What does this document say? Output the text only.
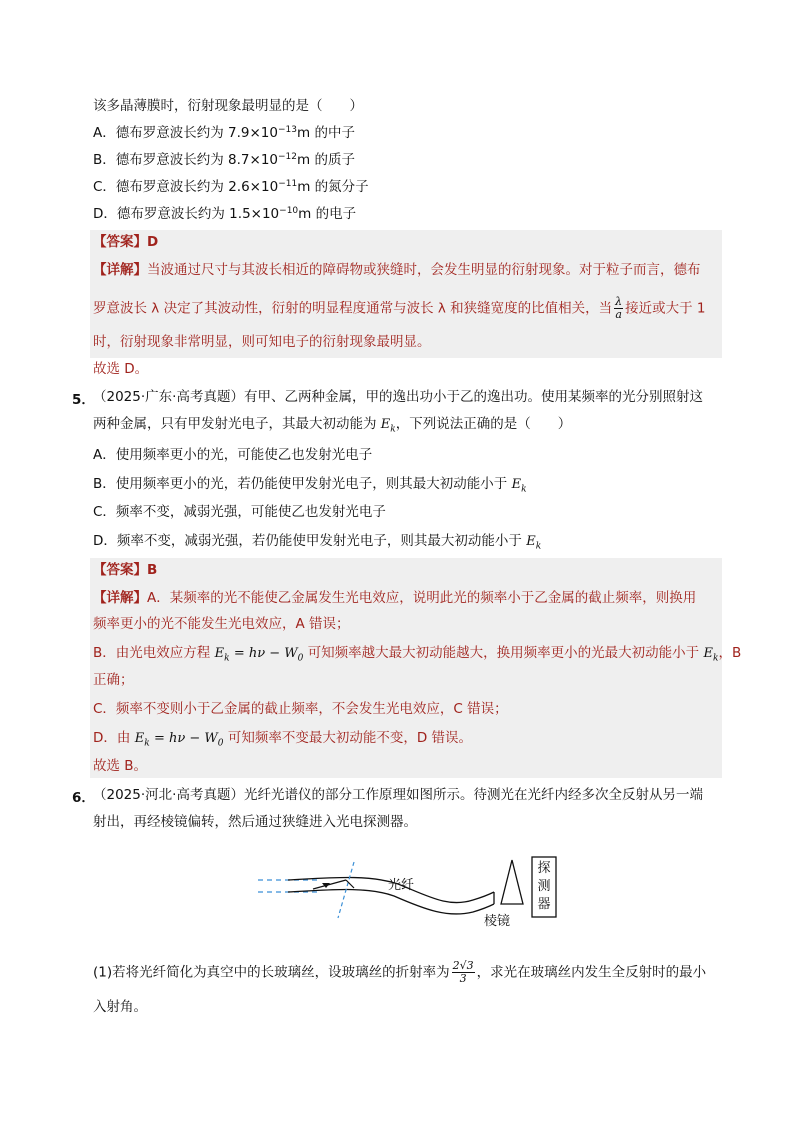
该多晶薄膜时，衍射现象最明显的是（　　）
A．德布罗意波长约为 $7.9\times 10^{-13}m$ 的中子
B．德布罗意波长约为 $8.7\times 10^{-12}m$ 的质子
C．德布罗意波长约为 $2.6\times 10^{-11}m$ 的氮分子
D．德布罗意波长约为 $1.5\times 10^{-10}m$ 的电子
【答案】D
【详解】当波通过尺寸与其波长相近的障碍物或狭缝时，会发生明显的衍射现象。对于粒子而言，德布
罗意波长 λ 决定了其波动性，衍射的明显程度通常与波长 λ 和狭缝宽度的比值相关，当 $\frac{\lambda}{a}$ 接近或大于 1
时，衍射现象非常明显，则可知电子的衍射现象最明显。
故选 D。
5．
（2025·广东·高考真题）有甲、乙两种金属，甲的逸出功小于乙的逸出功。使用某频率的光分别照射这
两种金属，只有甲发射光电子，其最大初动能为 $E_k$，下列说法正确的是（　　）
A．使用频率更小的光，可能使乙也发射光电子
B．使用频率更小的光，若仍能使甲发射光电子，则其最大初动能小于 $E_k$
C．频率不变，减弱光强，可能使乙也发射光电子
D．频率不变，减弱光强，若仍能使甲发射光电子，则其最大初动能小于 $E_k$
【答案】B
【详解】A．某频率的光不能使乙金属发生光电效应，说明此光的频率小于乙金属的截止频率，则换用
频率更小的光不能发生光电效应，A 错误；
B．由光电效应方程 $E_k = h\nu - W_0$ 可知频率越大最大初动能越大，换用频率更小的光最大初动能小于 $E_k$，B
正确；
C．频率不变则小于乙金属的截止频率，不会发生光电效应，C 错误；
D．由 $E_k = h\nu - W_0$ 可知频率不变最大初动能不变，D 错误。
故选 B。
6．
（2025·河北·高考真题）光纤光谱仪的部分工作原理如图所示。待测光在光纤内经多次全反射从另一端
射出，再经棱镜偏转，然后通过狭缝进入光电探测器。
光纤
棱镜
探
测
器
(1)若将光纤简化为真空中的长玻璃丝，设玻璃丝的折射率为 $\frac{2√3}{3}$ ，求光在玻璃丝内发生全反射时的最小
入射角。
